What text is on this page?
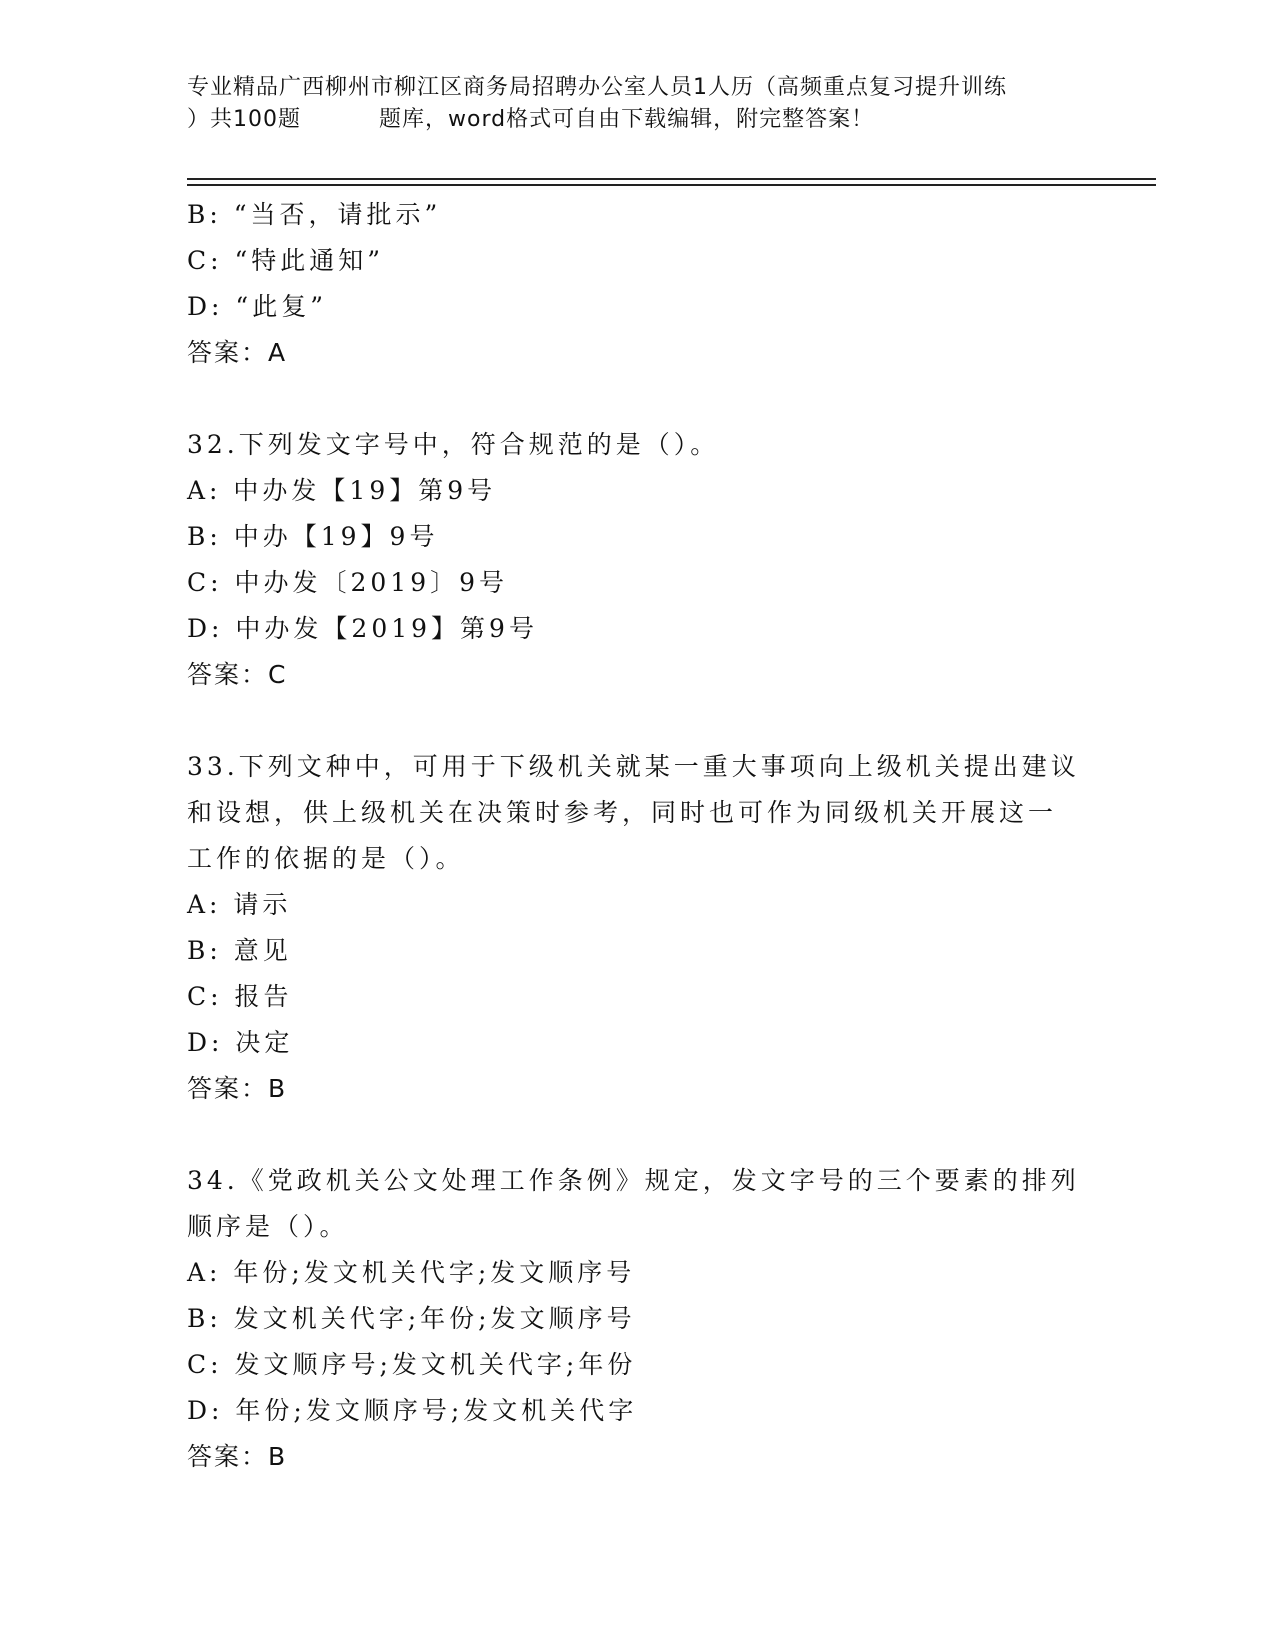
专业精品广西柳州市柳江区商务局招聘办公室人员1人历（高频重点复习提升训练
）共100题	题库，word格式可自由下载编辑，附完整答案！
B: “当否，请批示”
C: “特此通知”
D: “此复”
答案：A
32.下列发文字号中，符合规范的是（）。
A: 中办发【19】第9号
B: 中办【19】9号
C: 中办发〔2019〕9号
D: 中办发【2019】第9号
答案：C
33.下列文种中，可用于下级机关就某一重大事项向上级机关提出建议
和设想，供上级机关在决策时参考，同时也可作为同级机关开展这一
工作的依据的是（）。
A: 请示
B: 意见
C: 报告
D: 决定
答案：B
34.《党政机关公文处理工作条例》规定，发文字号的三个要素的排列
顺序是（）。
A: 年份;发文机关代字;发文顺序号
B: 发文机关代字;年份;发文顺序号
C: 发文顺序号;发文机关代字;年份
D: 年份;发文顺序号;发文机关代字
答案：B
